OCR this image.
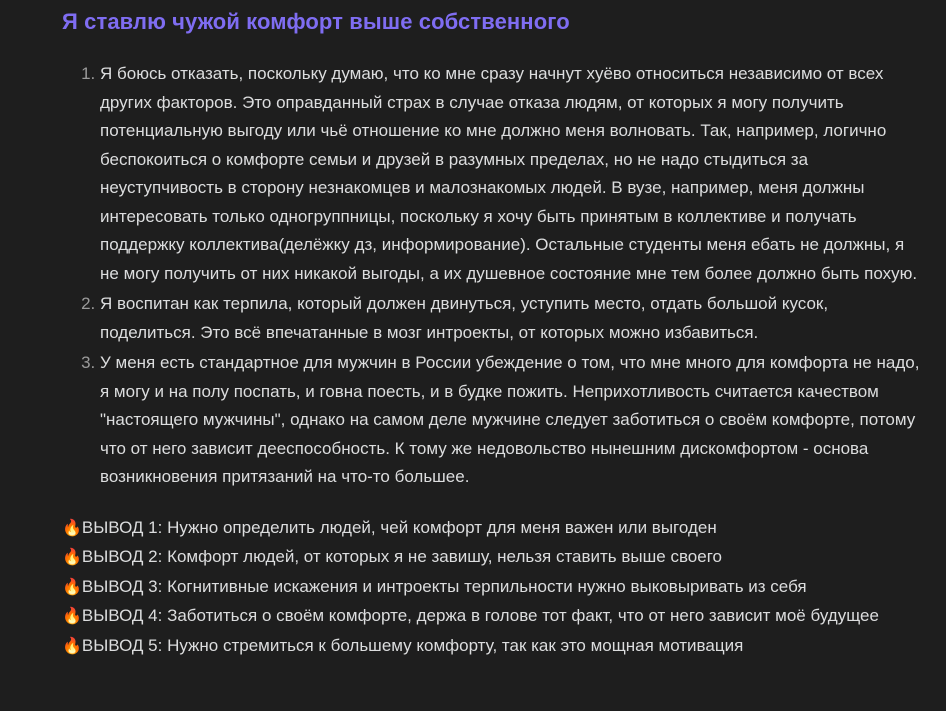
Я ставлю чужой комфорт выше собственного
1. Я боюсь отказать, поскольку думаю, что ко мне сразу начнут хуёво относиться независимо от всех других факторов. Это оправданный страх в случае отказа людям, от которых я могу получить потенциальную выгоду или чьё отношение ко мне должно меня волновать. Так, например, логично беспокоиться о комфорте семьи и друзей в разумных пределах, но не надо стыдиться за неуступчивость в сторону незнакомцев и малознакомых людей. В вузе, например, меня должны интересовать только одногруппницы, поскольку я хочу быть принятым в коллективе и получать поддержку коллектива(делёжку дз, информирование). Остальные студенты меня ебать не должны, я не могу получить от них никакой выгоды, а их душевное состояние мне тем более должно быть похую.
2. Я воспитан как терпила, который должен двинуться, уступить место, отдать большой кусок, поделиться. Это всё впечатанные в мозг интроекты, от которых можно избавиться.
3. У меня есть стандартное для мужчин в России убеждение о том, что мне много для комфорта не надо, я могу и на полу поспать, и говна поесть, и в будке пожить. Неприхотливость считается качеством "настоящего мужчины", однако на самом деле мужчине следует заботиться о своём комфорте, потому что от него зависит дееспособность. К тому же недовольство нынешним дискомфортом - основа возникновения притязаний на что-то большее.

🔥ВЫВОД 1: Нужно определить людей, чей комфорт для меня важен или выгоден

🔥ВЫВОД 2: Комфорт людей, от которых я не завишу, нельзя ставить выше своего

🔥ВЫВОД 3: Когнитивные искажения и интроекты терпильности нужно выковыривать из себя

🔥ВЫВОД 4: Заботиться о своём комфорте, держа в голове тот факт, что от него зависит моё будущее

🔥ВЫВОД 5: Нужно стремиться к большему комфорту, так как это мощная мотивация
